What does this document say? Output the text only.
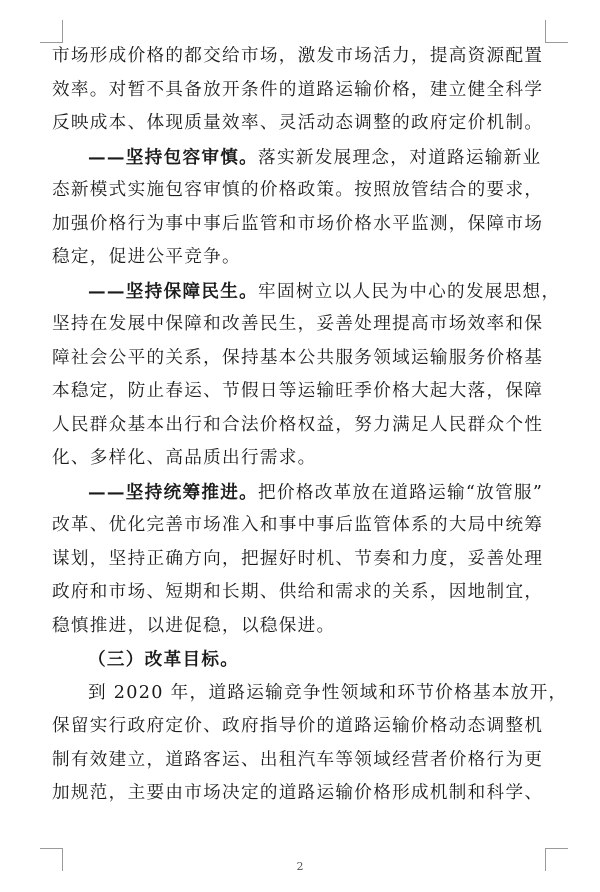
市场形成价格的都交给市场，激发市场活力，提高资源配置
效率。对暂不具备放开条件的道路运输价格，建立健全科学
反映成本、体现质量效率、灵活动态调整的政府定价机制。
——坚持包容审慎。落实新发展理念，对道路运输新业
态新模式实施包容审慎的价格政策。按照放管结合的要求，
加强价格行为事中事后监管和市场价格水平监测，保障市场
稳定，促进公平竞争。
——坚持保障民生。牢固树立以人民为中心的发展思想，
坚持在发展中保障和改善民生，妥善处理提高市场效率和保
障社会公平的关系，保持基本公共服务领域运输服务价格基
本稳定，防止春运、节假日等运输旺季价格大起大落，保障
人民群众基本出行和合法价格权益，努力满足人民群众个性
化、多样化、高品质出行需求。
——坚持统筹推进。把价格改革放在道路运输“放管服”
改革、优化完善市场准入和事中事后监管体系的大局中统筹
谋划，坚持正确方向，把握好时机、节奏和力度，妥善处理
政府和市场、短期和长期、供给和需求的关系，因地制宜，
稳慎推进，以进促稳，以稳保进。
（三）改革目标。
到 2020 年，道路运输竞争性领域和环节价格基本放开，
保留实行政府定价、政府指导价的道路运输价格动态调整机
制有效建立，道路客运、出租汽车等领域经营者价格行为更
加规范，主要由市场决定的道路运输价格形成机制和科学、
2
